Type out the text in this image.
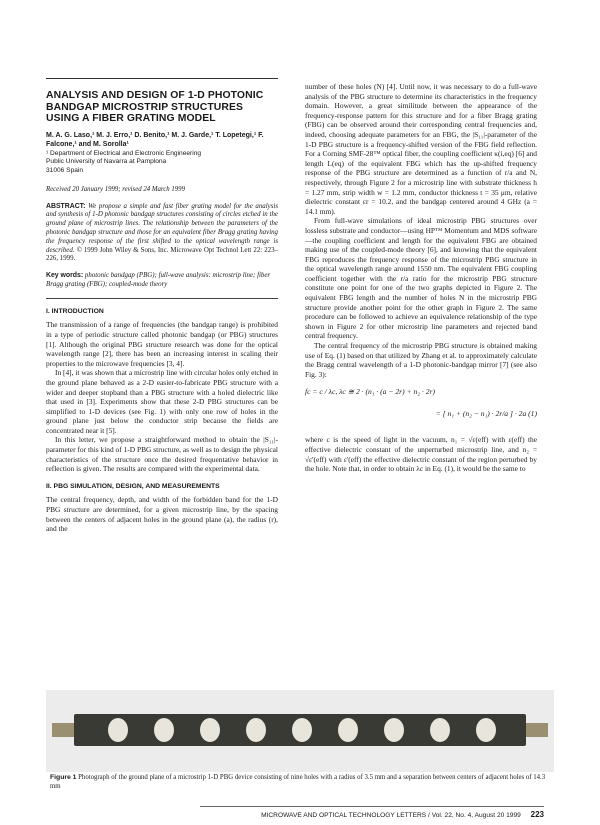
ANALYSIS AND DESIGN OF 1-D PHOTONIC BANDGAP MICROSTRIP STRUCTURES USING A FIBER GRATING MODEL
M. A. G. Laso,¹ M. J. Erro,¹ D. Benito,¹ M. J. Garde,¹ T. Lopetegi,¹ F. Falcone,¹ and M. Sorolla¹
¹ Department of Electrical and Electronic Engineering
Public University of Navarra at Pamplona
31006 Spain
Received 20 January 1999; revised 24 March 1999
ABSTRACT: We propose a simple and fast fiber grating model for the analysis and synthesis of 1-D photonic bandgap structures consisting of circles etched in the ground plane of microstrip lines. The relationship between the parameters of the photonic bandgap structure and those for an equivalent fiber Bragg grating having the frequency response of the first shifted to the optical wavelength range is described. © 1999 John Wiley & Sons, Inc. Microwave Opt Technol Lett 22: 223–226, 1999.
Key words: photonic bandgap (PBG); full-wave analysis: microstrip line; fiber Bragg grating (FBG); coupled-mode theory
I. INTRODUCTION

The transmission of a range of frequencies (the bandgap range) is prohibited in a type of periodic structure called photonic bandgap (or PBG) structures [1]. Although the original PBG structure research was done for the optical wavelength range [2], there has been an increasing interest in scaling their properties to the microwave frequencies [3, 4].

In [4], it was shown that a microstrip line with circular holes only etched in the ground plane behaved as a 2-D easier-to-fabricate PBG structure with a wider and deeper stopband than a PBG structure with a holed dielectric like that used in [3]. Experiments show that these 2-D PBG structures can be simplified to 1-D devices (see Fig. 1) with only one row of holes in the ground plane just below the conductor strip because the fields are concentrated near it [5].

In this letter, we propose a straightforward method to obtain the |S₁₁|-parameter for this kind of 1-D PBG structure, as well as to design the physical characteristics of the structure once the desired frequentative behavior in reflection is given. The results are compared with the experimental data.

II. PBG SIMULATION, DESIGN, AND MEASUREMENTS

The central frequency, depth, and width of the forbidden band for the 1-D PBG structure are determined, for a given microstrip line, by the spacing between the centers of adjacent holes in the ground plane (a), the radius (r), and the

number of these holes (N) [4]. Until now, it was necessary to do a full-wave analysis of the PBG structure to determine its characteristics in the frequency domain. However, a great similitude between the appearance of the frequency-response pattern for this structure and for a fiber Bragg grating (FBG) can be observed around their corresponding central frequencies and, indeed, choosing adequate parameters for an FBG, the |S₁₁|-parameter of the 1-D PBG structure is a frequency-shifted version of the FBG field reflection. For a Corning SMF-28™ optical fiber, the coupling coefficient κ(i,eq) [6] and length L(eq) of the equivalent FBG which has the up-shifted frequency response of the PBG structure are determined as a function of r/a and N, respectively, through Figure 2 for a microstrip line with substrate thickness h = 1.27 mm, strip width w = 1.2 mm, conductor thickness t = 35 μm, relative dielectric constant εr = 10.2, and the bandgap centered around 4 GHz (a = 14.1 mm).

From full-wave simulations of ideal microstrip PBG structures over lossless substrate and conductor—using HP™ Momentum and MDS software—the coupling coefficient and length for the equivalent FBG are obtained making use of the coupled-mode theory [6], and knowing that the equivalent FBG reproduces the frequency response of the microstrip PBG structure in the optical wavelength range around 1550 nm. The equivalent FBG coupling coefficient together with the r/a ratio for the microstrip PBG structure constitute one point for one of the two graphs depicted in Figure 2. The equivalent FBG length and the number of holes N in the microstrip PBG structure provide another point for the other graph in Figure 2. The same procedure can be followed to achieve an equivalence relationship of the type shown in Figure 2 for other microstrip line parameters and rejected band central frequency.

The central frequency of the microstrip PBG structure is obtained making use of Eq. (1) based on that utilized by Zhang et al. to approximately calculate the Bragg central wavelength of a 1-D photonic-bandgap mirror [7] (see also Fig. 3):

fc = c / λc, λc ≅ 2 · (n₁ · (a − 2r) + n₂ · 2r)
= [ n₁ + (n₂ − n₁) · 2r/a ] · 2a (1)

where c is the speed of light in the vacuum, n₁ = √ε(eff) with ε(eff) the effective dielectric constant of the unperturbed microstrip line, and n₂ = √ε'(eff) with ε'(eff) the effective dielectric constant of the region perturbed by the hole. Note that, in order to obtain λc in Eq. (1), it would be the same to

Figure 1 Photograph of the ground plane of a microstrip 1-D PBG device consisting of nine holes with a radius of 3.5 mm and a separation between centers of adjacent holes of 14.3 mm
MICROWAVE AND OPTICAL TECHNOLOGY LETTERS / Vol. 22, No. 4, August 20 1999 223
